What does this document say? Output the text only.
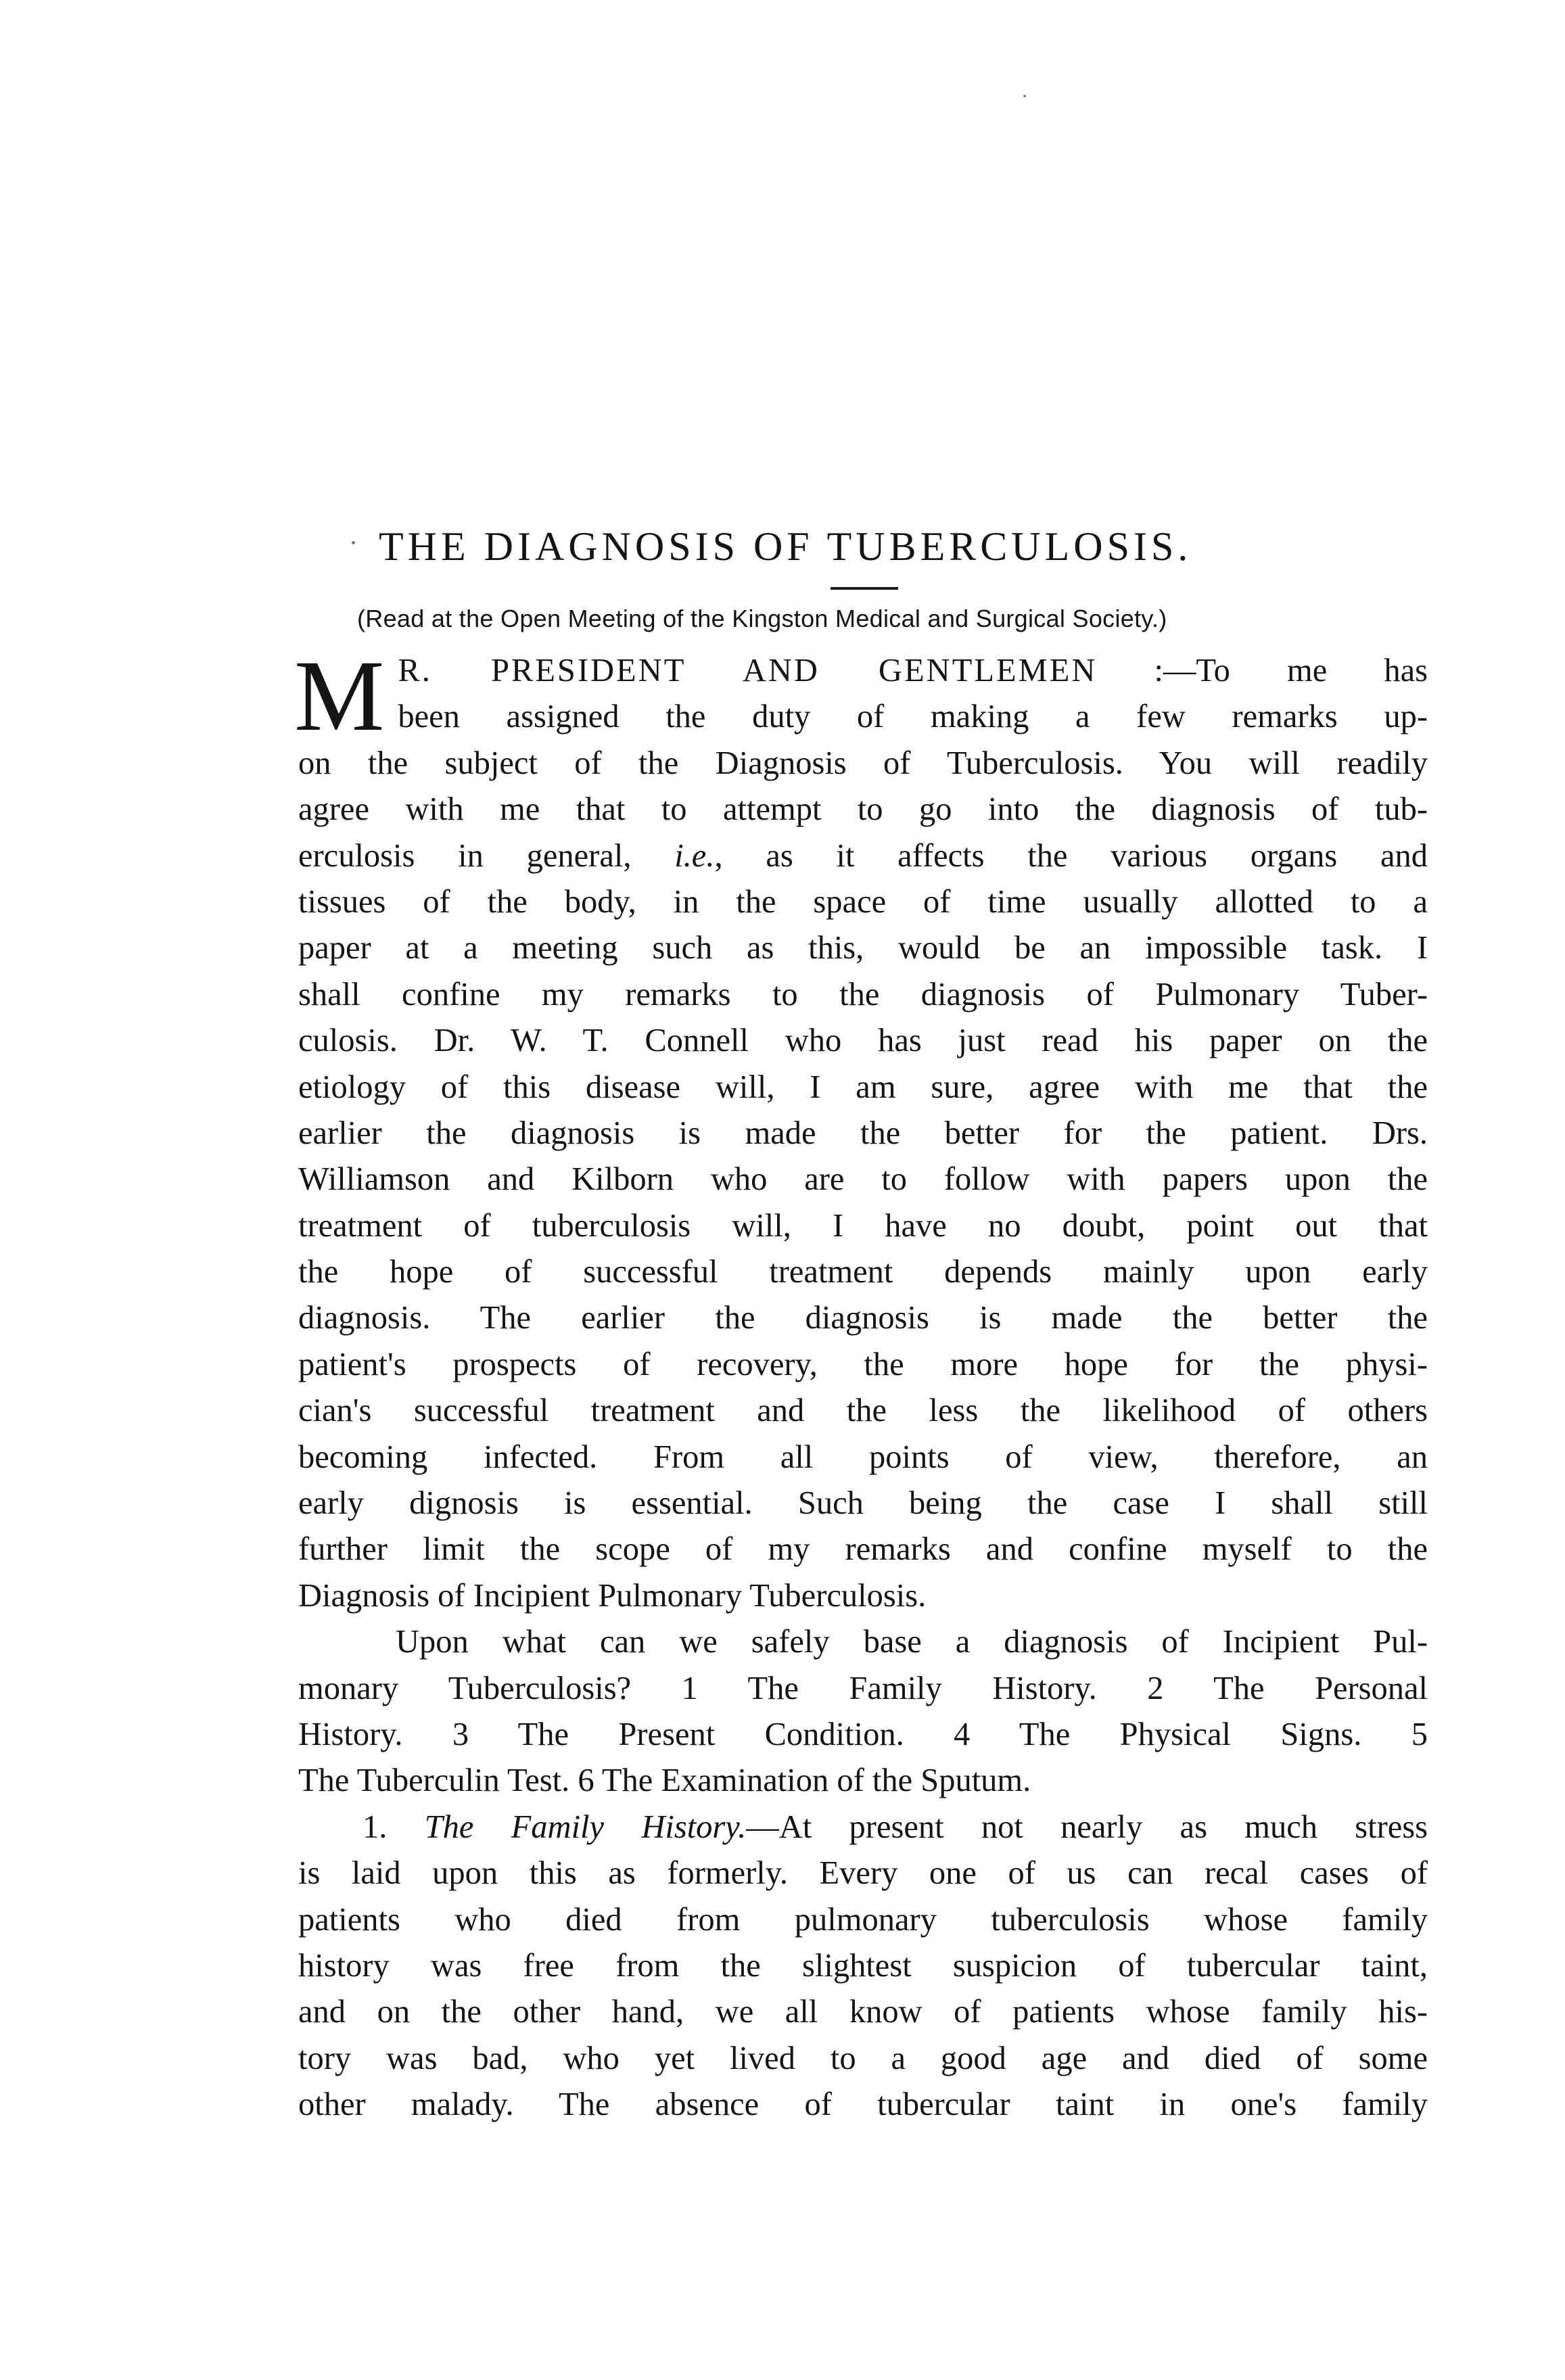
THE DIAGNOSIS OF TUBERCULOSIS.
(Read at the Open Meeting of the Kingston Medical and Surgical Society.)

M R. PRESIDENT AND GENTLEMEN :—To me has
been assigned the duty of making a few remarks up-
on the subject of the Diagnosis of Tuberculosis. You will readily
agree with me that to attempt to go into the diagnosis of tub-
erculosis in general, i.e., as it affects the various organs and
tissues of the body, in the space of time usually allotted to a
paper at a meeting such as this, would be an impossible task. I
shall confine my remarks to the diagnosis of Pulmonary Tuber-
culosis. Dr. W. T. Connell who has just read his paper on the
etiology of this disease will, I am sure, agree with me that the
earlier the diagnosis is made the better for the patient. Drs.
Williamson and Kilborn who are to follow with papers upon the
treatment of tuberculosis will, I have no doubt, point out that
the hope of successful treatment depends mainly upon early
diagnosis. The earlier the diagnosis is made the better the
patient's prospects of recovery, the more hope for the physi-
cian's successful treatment and the less the likelihood of others
becoming infected. From all points of view, therefore, an
early dignosis is essential. Such being the case I shall still
further limit the scope of my remarks and confine myself to the
Diagnosis of Incipient Pulmonary Tuberculosis.

Upon what can we safely base a diagnosis of Incipient Pul-
monary Tuberculosis? 1 The Family History. 2 The Personal
History. 3 The Present Condition. 4 The Physical Signs. 5
The Tuberculin Test. 6 The Examination of the Sputum.

1. The Family History.—At present not nearly as much stress
is laid upon this as formerly. Every one of us can recal cases of
patients who died from pulmonary tuberculosis whose family
history was free from the slightest suspicion of tubercular taint,
and on the other hand, we all know of patients whose family his-
tory was bad, who yet lived to a good age and died of some
other malady. The absence of tubercular taint in one's family
